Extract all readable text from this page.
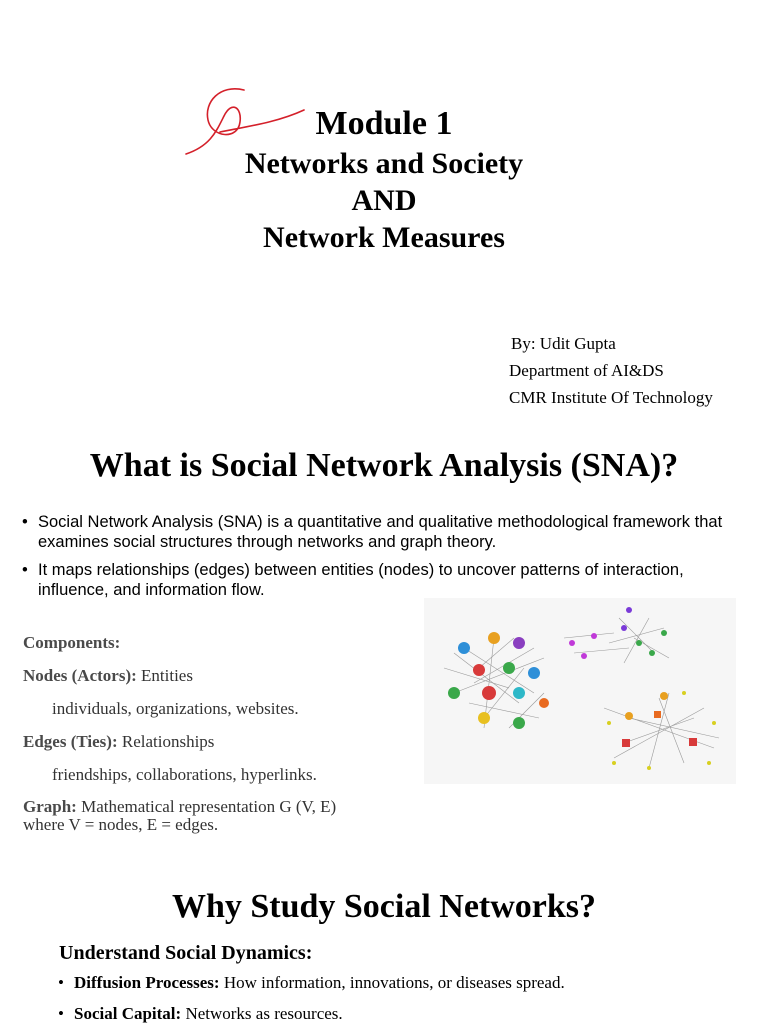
Module 1
Networks and Society
AND
Network Measures
By: Udit Gupta
Department of AI&DS
CMR Institute Of Technology
What is Social Network Analysis (SNA)?
• Social Network Analysis (SNA) is a quantitative and qualitative methodological framework that examines social structures through networks and graph theory.
• It maps relationships (edges) between entities (nodes) to uncover patterns of interaction, influence, and information flow.
Components:
Nodes (Actors): Entities
individuals, organizations, websites.
Edges (Ties): Relationships
friendships, collaborations, hyperlinks.
Graph: Mathematical representation G (V, E)
where V = nodes, E = edges.
Why Study Social Networks?
Understand Social Dynamics:
• Diffusion Processes: How information, innovations, or diseases spread.
• Social Capital: Networks as resources.
